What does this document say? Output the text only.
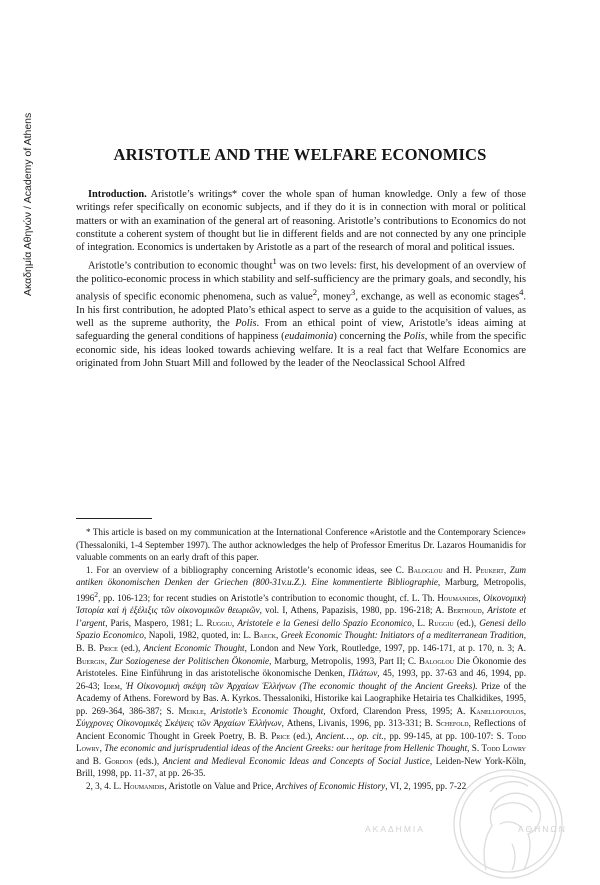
Ακαδημία Αθηνών / Academy of Athens	ARISTOTLE AND THE WELFARE ECONOMICS

Introduction. Aristotle’s writings* cover the whole span of human knowledge. Only a few of those writings refer specifically on economic subjects, and if they do it is in connection with moral or political matters or with an examination of the general art of reasoning. Aristotle’s contributions to Economics do not constitute a coherent system of thought but lie in different fields and are not connected by any one principle of integration. Economics is undertaken by Aristotle as a part of the research of moral and political issues.

Aristotle’s contribution to economic thought$^1$ was on two levels: first, his development of an overview of the politico-economic process in which stability and self-sufficiency are the primary goals, and secondly, his analysis of specific economic phenomena, such as value$^2$, money$^3$, exchange, as well as economic stages$^4$. In his first contribution, he adopted Plato’s ethical aspect to serve as a guide to the acquisition of values, as well as the supreme authority, the Polis. From an ethical point of view, Aristotle’s ideas aiming at safeguarding the general conditions of happiness (eudaimonia) concerning the Polis, while from the specific economic side, his ideas looked towards achieving welfare. It is a real fact that Welfare Economics are originated from John Stuart Mill and followed by the leader of the Neoclassical School Alfred

* This article is based on my communication at the International Conference «Aristotle and the Contemporary Science» (Thessaloniki, 1-4 September 1997). The author acknowledges the help of Professor Emeritus Dr. Lazaros Houmanidis for valuable comments on an early draft of this paper.

1. For an overview of a bibliography concerning Aristotle’s economic ideas, see C. Baloglou and H. Peukert, Zum antiken ökonomischen Denken der Griechen (800-31v.u.Z.). Eine kommentierte Bibliographie, Marburg, Metropolis, 1996$^2$, pp. 106-123; for recent studies on Aristotle’s contribution to economic thought, cf. L. Th. Houmanidis, Οἰκονομικὴ Ἱστορία καὶ ἡ ἐξέλιξις τῶν οἰκονομικῶν θεωριῶν, vol. I, Athens, Papazisis, 1980, pp. 196-218; A. Berthoud, Aristote et l’argent, Paris, Maspero, 1981; L. Ruggiu, Aristotele e la Genesi dello Spazio Economico, L. Ruggiu (ed.), Genesi dello Spazio Economico, Napoli, 1982, quoted, in: L. Baeck, Greek Economic Thought: Initiators of a mediterranean Tradition, B. B. Price (ed.), Ancient Economic Thought, London and New York, Routledge, 1997, pp. 146-171, at p. 170, n. 3; A. Buergin, Zur Soziogenese der Politischen Ökonomie, Marburg, Metropolis, 1993, Part II; C. Baloglou Die Ökonomie des Aristoteles. Eine Einführung in das aristotelische ökonomische Denken, Πλάτων, 45, 1993, pp. 37-63 and 46, 1994, pp. 26-43; Idem, Ἡ Οἰκονομικὴ σκέψη τῶν Ἀρχαίων Ἑλλήνων (The economic thought of the Ancient Greeks). Prize of the Academy of Athens. Foreword by Bas. A. Kyrkos. Thessaloniki, Historike kai Laographike Hetairia tes Chalkidikes, 1995, pp. 269-364, 386-387; S. Meikle, Aristotle’s Economic Thought, Oxford, Clarendon Press, 1995; A. Kanellopoulos, Σύγχρονες Οἰκονομικὲς Σκέψεις τῶν Ἀρχαίων Ἑλλήνων, Athens, Livanis, 1996, pp. 313-331; B. Schefold, Reflections of Ancient Economic Thought in Greek Poetry, B. B. Price (ed.), Ancient…, op. cit., pp. 99-145, at pp. 100-107: S. Todd Lowry, The economic and jurisprudential ideas of the Ancient Greeks: our heritage from Hellenic Thought, S. Todd Lowry and B. Gordon (eds.), Ancient and Medieval Economic Ideas and Concepts of Social Justice, Leiden-New York-Köln, Brill, 1998, pp. 11-37, at pp. 26-35.

2, 3, 4. L. Houmanidis, Aristotle on Value and Price, Archives of Economic History, VI, 2, 1995, pp. 7-22.

ΑΚΑΔΗΜΙΑ	ΑΘΗΝΩΝ
